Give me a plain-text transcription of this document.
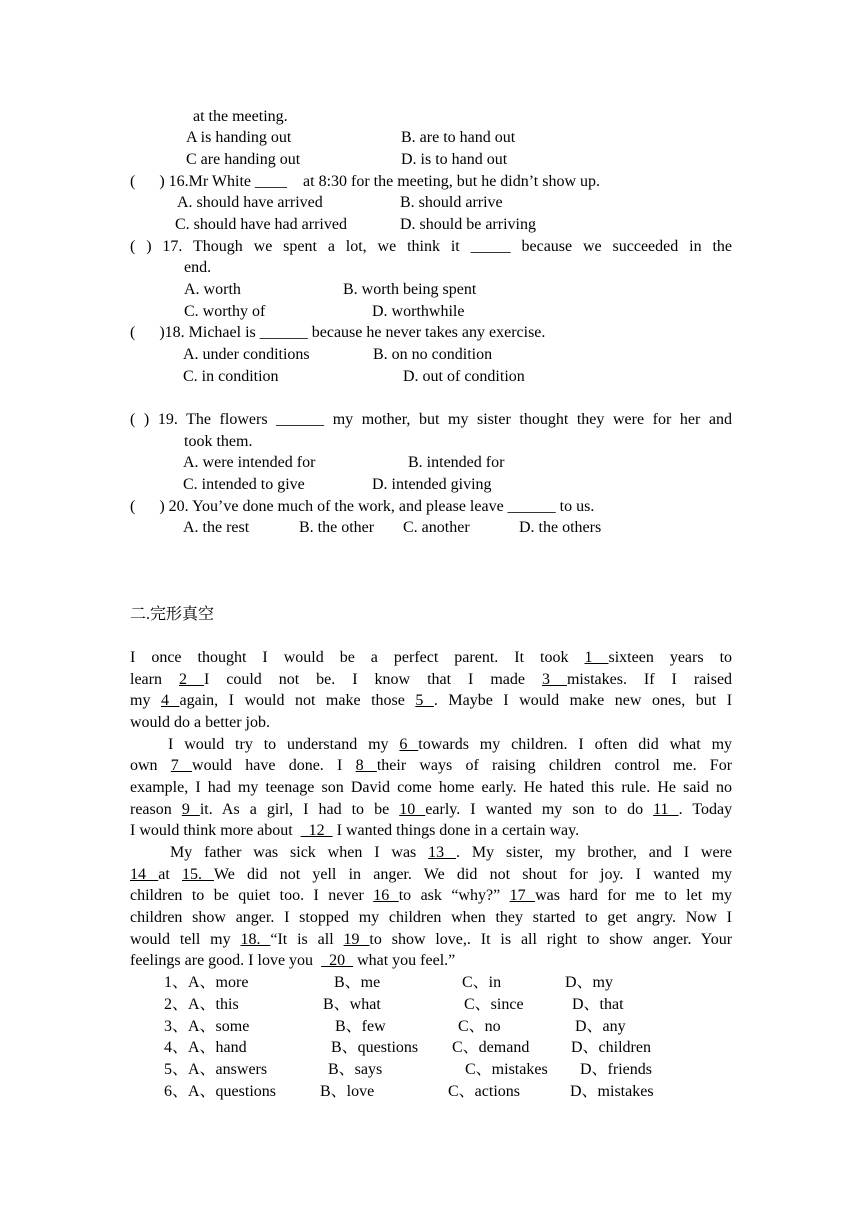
at the meeting.
A is handing out	B. are to hand out
C are handing out	D. is to hand out
(      ) 16.Mr White ____ at 8:30 for the meeting, but he didn’t show up.
A. should have arrived	B. should arrive
C. should have had arrived	D. should be arriving
( ) 17. Though we spent a lot, we think it _____ because we succeeded in the
end.
A. worth	B. worth being spent
C. worthy of	D. worthwhile
(      )18. Michael is ______ because he never takes any exercise.
A. under conditions	B. on no condition
C. in condition	D. out of condition
( ) 19. The flowers ______ my mother, but my sister thought they were for her and
took them.
A. were intended for	B. intended for
C. intended to give	D. intended giving
(      ) 20. You’ve done much of the work, and please leave ______ to us.
A. the rest	B. the other C. another	D. the others
二.完形真空
I once thought I would be a perfect parent. It took 1 sixteen years to
learn 2 I could not be. I know that I made 3 mistakes. If I raised
my 4 again, I would not make those 5 . Maybe I would make new ones, but I
would do a better job.
I would try to understand my 6 towards my children. I often did what my
own 7 would have done. I 8 their ways of raising children control me. For
example, I had my teenage son David come home early. He hated this rule. He said no
reason 9 it. As a girl, I had to be 10 early. I wanted my son to do 11 . Today
I would think more about    12   I wanted things done in a certain way.
My father was sick when I was 13 . My sister, my brother, and I were
14 at 15. We did not yell in anger. We did not shout for joy. I wanted my
children to be quiet too. I never 16 to ask “why?” 17 was hard for me to let my
children show anger. I stopped my children when they started to get angry. Now I
would tell my 18. “It is all 19 to show love,. It is all right to show anger. Your
feelings are good. I love you    20   what you feel.”
1、A、more	B、me	C、in	D、my
2、A、this	B、what	C、since	D、that
3、A、some	B、few	C、no	D、any
4、A、hand	B、questions C、demand	D、children
5、A、answers	B、says	C、mistakes D、friends
6、A、questions	B、love	C、actions	D、mistakes
